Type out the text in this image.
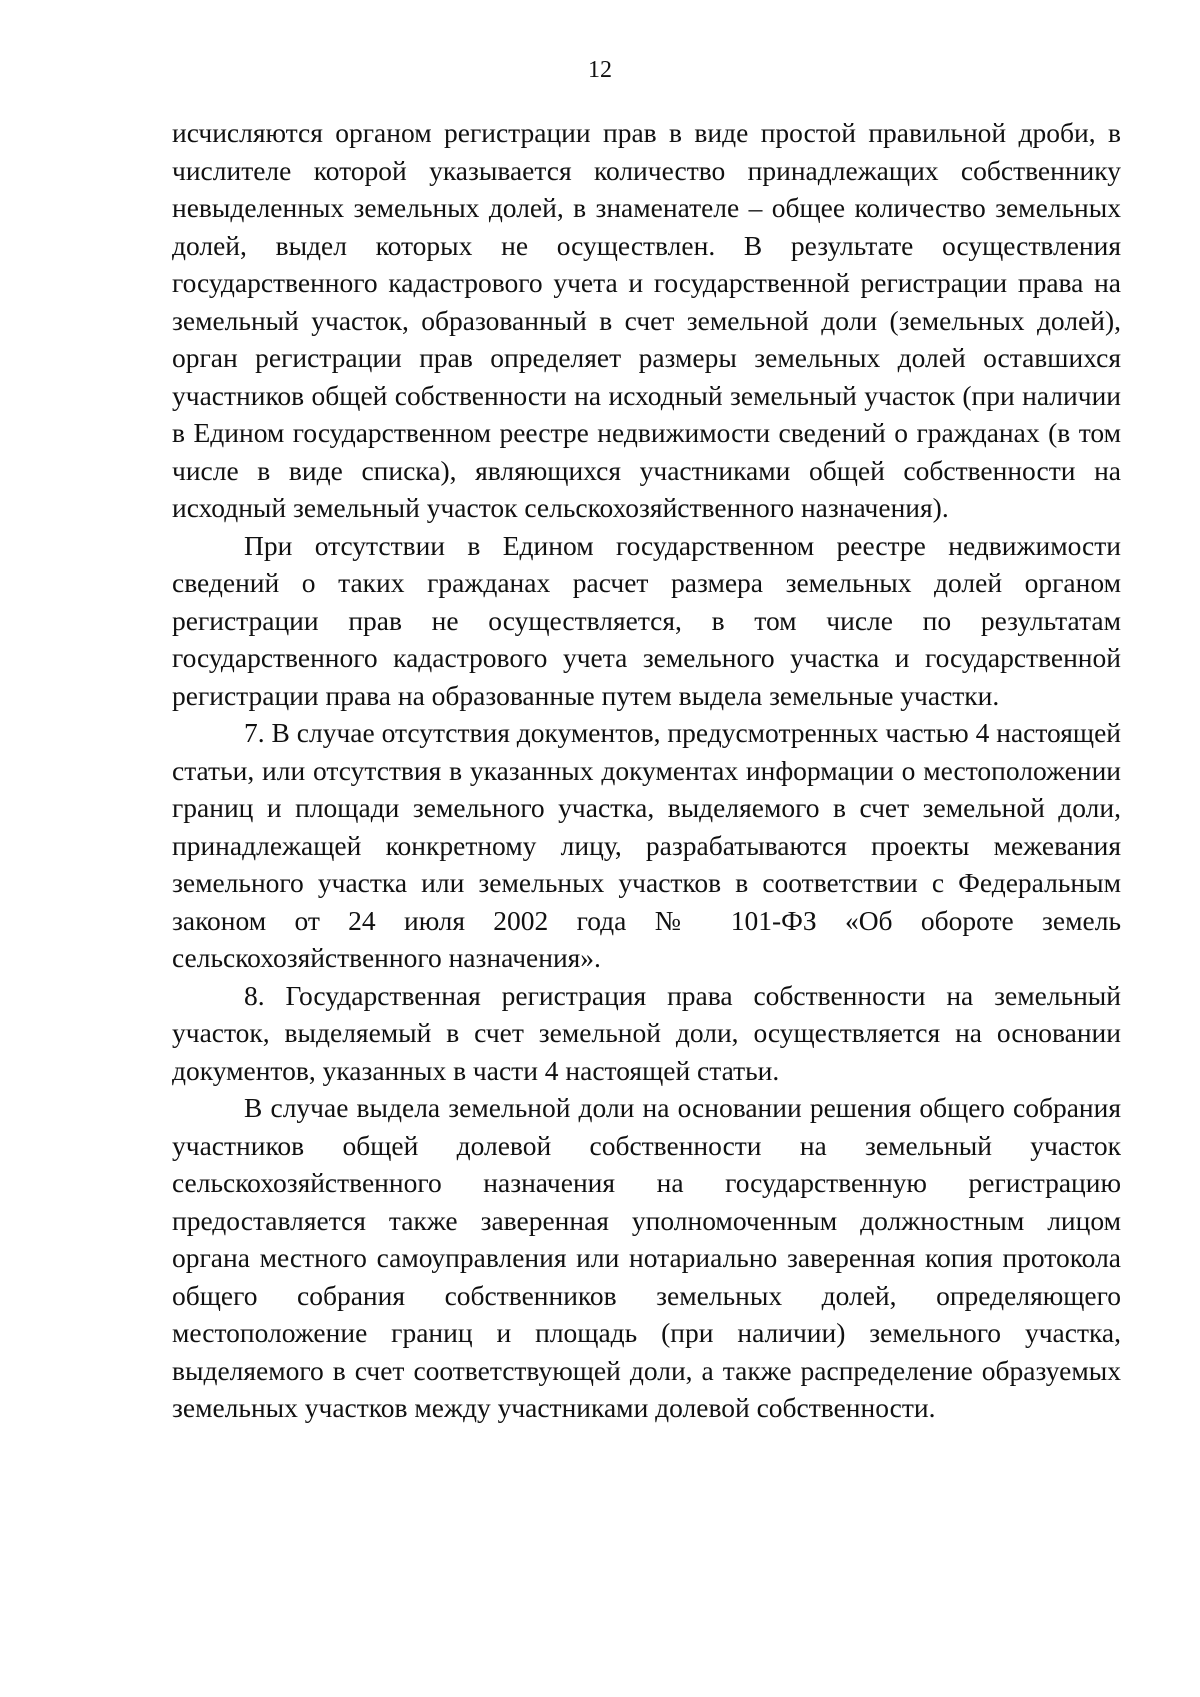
12

исчисляются органом регистрации прав в виде простой правильной дроби, в числителе которой указывается количество принадлежащих собственнику невыделенных земельных долей, в знаменателе – общее количество земельных долей, выдел которых не осуществлен. В результате осуществления государственного кадастрового учета и государственной регистрации права на земельный участок, образованный в счет земельной доли (земельных долей), орган регистрации прав определяет размеры земельных долей оставшихся участников общей собственности на исходный земельный участок (при наличии в Едином государственном реестре недвижимости сведений о гражданах (в том числе в виде списка), являющихся участниками общей собственности на исходный земельный участок сельскохозяйственного назначения).

При отсутствии в Едином государственном реестре недвижимости сведений о таких гражданах расчет размера земельных долей органом регистрации прав не осуществляется, в том числе по результатам государственного кадастрового учета земельного участка и государственной регистрации права на образованные путем выдела земельные участки.

7. В случае отсутствия документов, предусмотренных частью 4 настоящей статьи, или отсутствия в указанных документах информации о местоположении границ и площади земельного участка, выделяемого в счет земельной доли, принадлежащей конкретному лицу, разрабатываются проекты межевания земельного участка или земельных участков в соответствии с Федеральным законом от 24 июля 2002 года № 101-ФЗ «Об обороте земель сельскохозяйственного назначения».

8. Государственная регистрация права собственности на земельный участок, выделяемый в счет земельной доли, осуществляется на основании документов, указанных в части 4 настоящей статьи.

В случае выдела земельной доли на основании решения общего собрания участников общей долевой собственности на земельный участок сельскохозяйственного назначения на государственную регистрацию предоставляется также заверенная уполномоченным должностным лицом органа местного самоуправления или нотариально заверенная копия протокола общего собрания собственников земельных долей, определяющего местоположение границ и площадь (при наличии) земельного участка, выделяемого в счет соответствующей доли, а также распределение образуемых земельных участков между участниками долевой собственности.
